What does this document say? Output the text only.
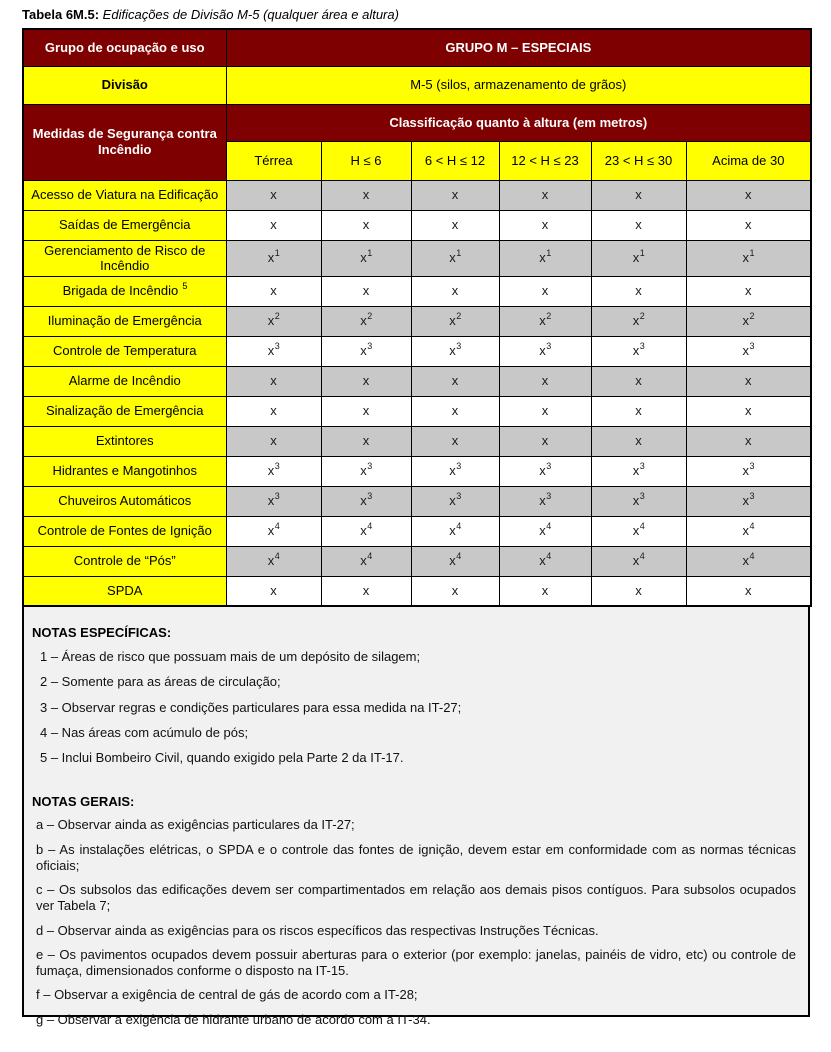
Tabela 6M.5: Edificações de Divisão M-5 (qualquer área e altura)
Grupo de ocupação e uso	GRUPO M – ESPECIAIS					
Divisão	M-5 (silos, armazenamento de grãos)					
Medidas de Segurança contra Incêndio	Classificação quanto à altura (em metros)					
	Térrea	H ≤ 6	6 < H ≤ 12	12 < H ≤ 23	23 < H ≤ 30	Acima de 30
Acesso de Viatura na Edificação	x	x	x	x	x	x
Saídas de Emergência	x	x	x	x	x	x
Gerenciamento de Risco de Incêndio	$x^1$	$x^1$	$x^1$	$x^1$	$x^1$	$x^1$
Brigada de Incêndio $^5$	x	x	x	x	x	x
Iluminação de Emergência	$x^2$	$x^2$	$x^2$	$x^2$	$x^2$	$x^2$
Controle de Temperatura	$x^3$	$x^3$	$x^3$	$x^3$	$x^3$	$x^3$
Alarme de Incêndio	x	x	x	x	x	x
Sinalização de Emergência	x	x	x	x	x	x
Extintores	x	x	x	x	x	x
Hidrantes e Mangotinhos	$x^3$	$x^3$	$x^3$	$x^3$	$x^3$	$x^3$
Chuveiros Automáticos	$x^3$	$x^3$	$x^3$	$x^3$	$x^3$	$x^3$
Controle de Fontes de Ignição	$x^4$	$x^4$	$x^4$	$x^4$	$x^4$	$x^4$
Controle de “Pós”	$x^4$	$x^4$	$x^4$	$x^4$	$x^4$	$x^4$
SPDA	x	x	x	x	x	x
NOTAS ESPECÍFICAS:
1 – Áreas de risco que possuam mais de um depósito de silagem;
2 – Somente para as áreas de circulação;
3 – Observar regras e condições particulares para essa medida na IT-27;
4 – Nas áreas com acúmulo de pós;
5 – Inclui Bombeiro Civil, quando exigido pela Parte 2 da IT-17.
NOTAS GERAIS:
a – Observar ainda as exigências particulares da IT-27;
b – As instalações elétricas, o SPDA e o controle das fontes de ignição, devem estar em conformidade com as normas técnicas oficiais;
c – Os subsolos das edificações devem ser compartimentados em relação aos demais pisos contíguos. Para subsolos ocupados ver Tabela 7;
d – Observar ainda as exigências para os riscos específicos das respectivas Instruções Técnicas.
e – Os pavimentos ocupados devem possuir aberturas para o exterior (por exemplo: janelas, painéis de vidro, etc) ou controle de fumaça, dimensionados conforme o disposto na IT-15.
f – Observar a exigência de central de gás de acordo com a IT-28;
g – Observar a exigência de hidrante urbano de acordo com a IT-34.
